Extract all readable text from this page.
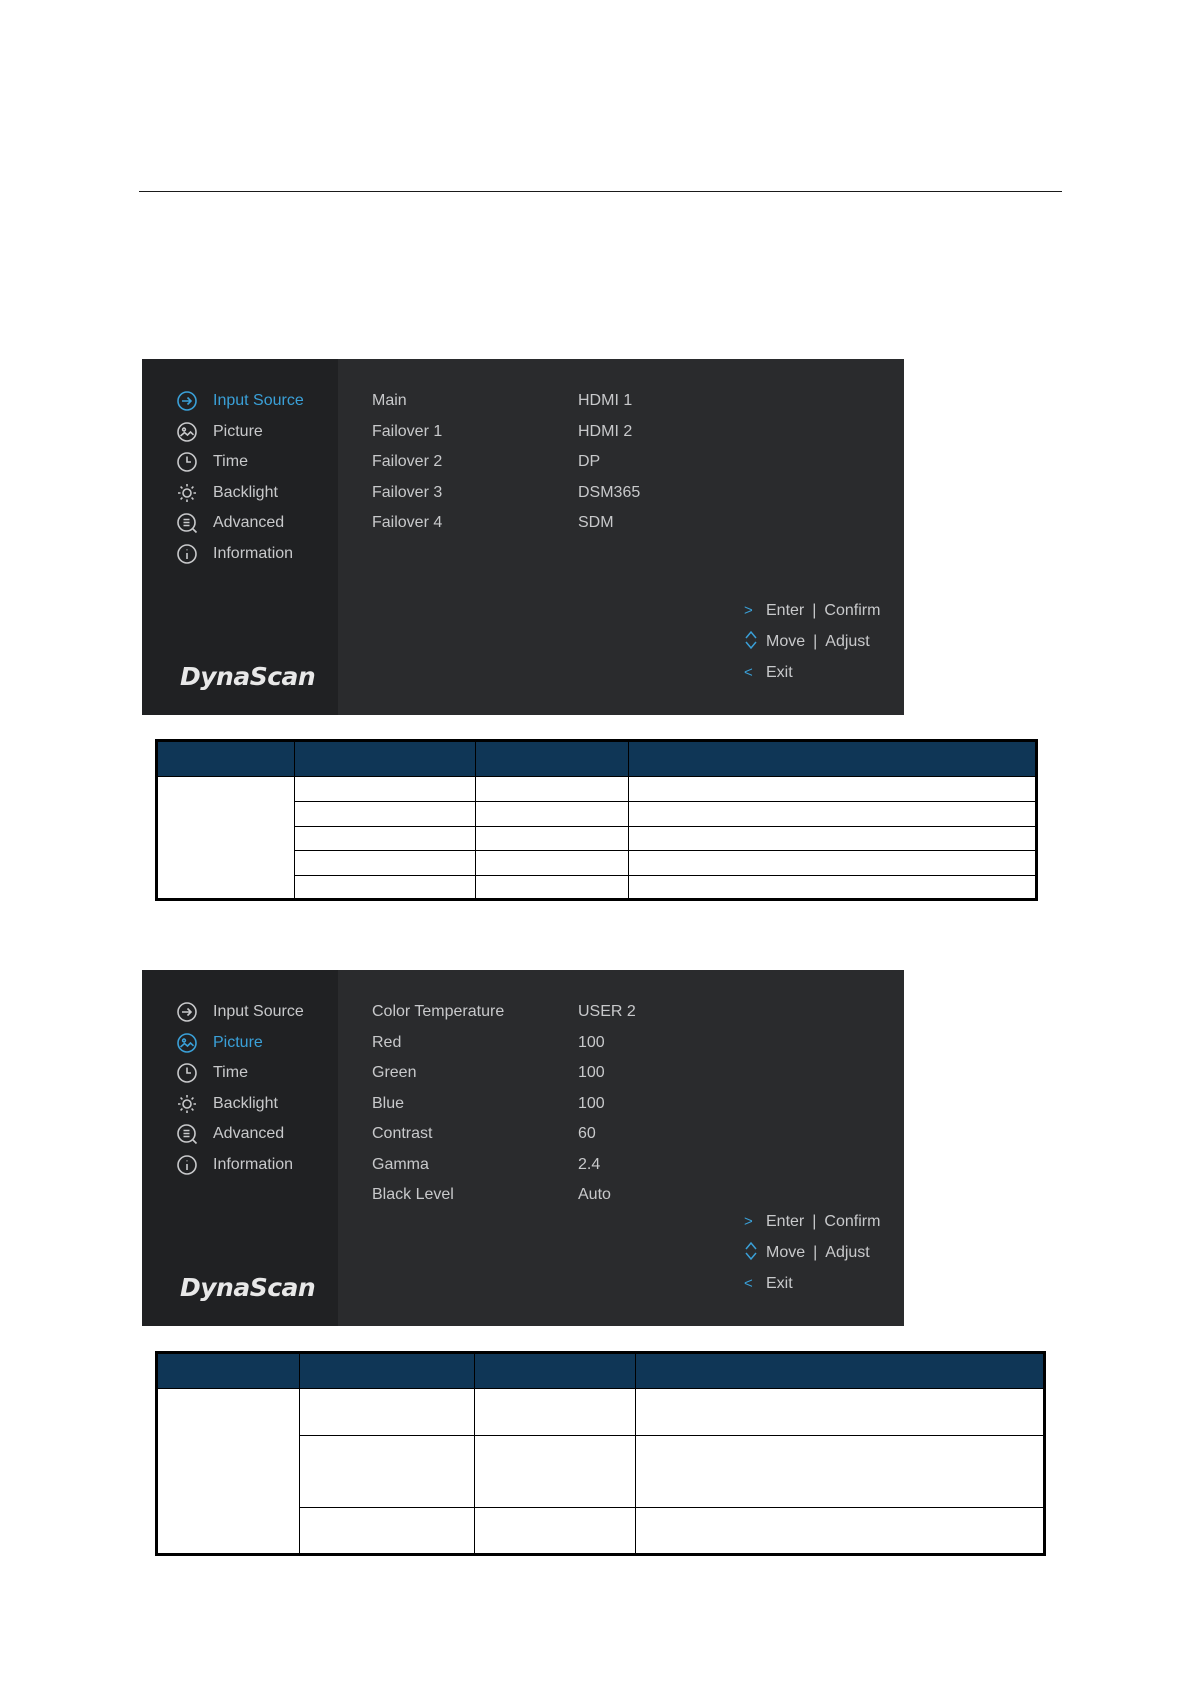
Input Source
Picture
Time
Backlight
Advanced
Information
Main	HDMI 1
Failover 1	HDMI 2
Failover 2	DP
Failover 3	DSM365
Failover 4	SDM
> Enter | Confirm
Move | Adjust
< Exit
DynaScan

Input Source
Picture
Time
Backlight
Advanced
Information
Color Temperature	USER 2
Red	100
Green	100
Blue	100
Contrast	60
Gamma	2.4
Black Level	Auto
> Enter | Confirm
Move | Adjust
< Exit
DynaScan
